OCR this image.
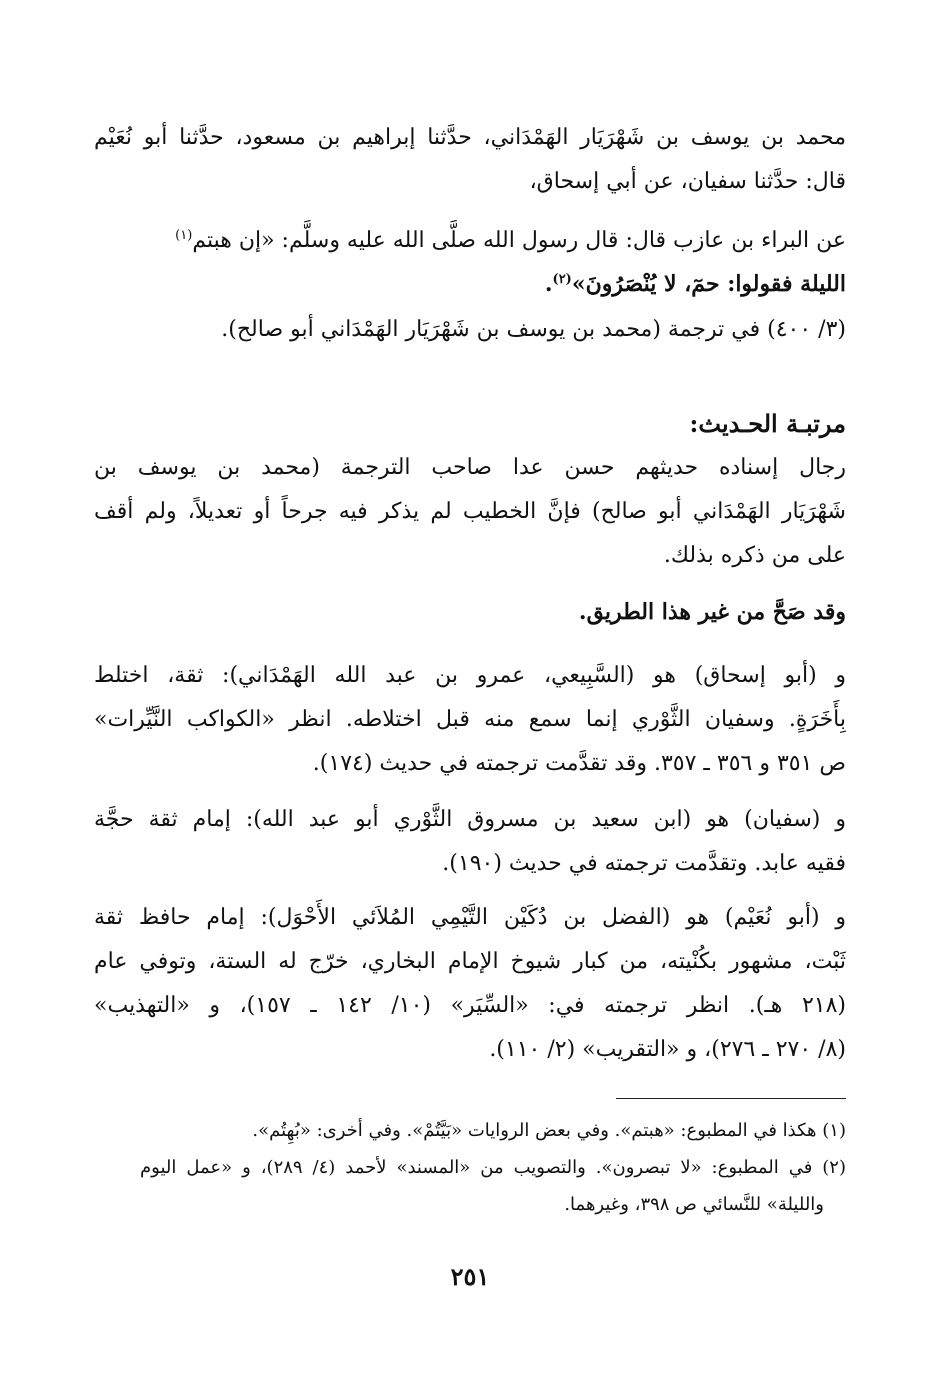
محمد بن يوسف بن شَهْرَيَار الهَمْدَاني، حدَّثنا إبراهيم بن مسعود، حدَّثنا أبو نُعَيْم
قال: حدَّثنا سفيان، عن أبي إسحاق،
عن البراء بن عازب قال: قال رسول الله صلَّى الله عليه وسلَّم: «إن هبتم$^{(١)}$
الليلة فقولوا: حمٓ، لا يُنْصَرُونَ»$^{(٢)}$.
(٣/ ٤٠٠) في ترجمة (محمد بن يوسف بن شَهْرَيَار الهَمْدَاني أبو صالح).
مرتبـة الحـديث:
رجال إسناده حديثهم حسن عدا صاحب الترجمة (محمد بن يوسف بن
شَهْرَيَار الهَمْدَاني أبو صالح) فإنَّ الخطيب لم يذكر فيه جرحاً أو تعديلاً، ولم أقف
على من ذكره بذلك.
وقد صَحَّ من غير هذا الطريق.
و (أبو إسحاق) هو (السَّبِيعي، عمرو بن عبد الله الهَمْدَاني): ثقة، اختلط
بِأَخَرَةٍ. وسفيان الثَّوْري إنما سمع منه قبل اختلاطه. انظر «الكواكب النَّيِّرات»
ص ٣٥١ و ٣٥٦ ـ ٣٥٧. وقد تقدَّمت ترجمته في حديث (١٧٤).
و (سفيان) هو (ابن سعيد بن مسروق الثَّوْري أبو عبد الله): إمام ثقة حجَّة
فقيه عابد. وتقدَّمت ترجمته في حديث (١٩٠).
و (أبو نُعَيْم) هو (الفضل بن دُكَيْن التَّيْمِي المُلاَئي الأَحْوَل): إمام حافظ ثقة
ثَبْت، مشهور بكُنْيته، من كبار شيوخ الإمام البخاري، خرّج له الستة، وتوفي عام
(٢١٨ هـ). انظر ترجمته في: «السِّيَر» (١٠/ ١٤٢ ـ ١٥٧)، و «التهذيب»
(٨/ ٢٧٠ ـ ٢٧٦)، و «التقريب» (٢/ ١١٠).
(١) هكذا في المطبوع: «هبتم». وفي بعض الروايات «بَيَّتُمْ». وفي أخرى: «بُهِتُم».
(٢) في المطبوع: «لا تبصرون». والتصويب من «المسند» لأحمد (٤/ ٢٨٩)، و «عمل اليوم
والليلة» للنَّسائي ص ٣٩٨، وغيرهما.
٢٥١
